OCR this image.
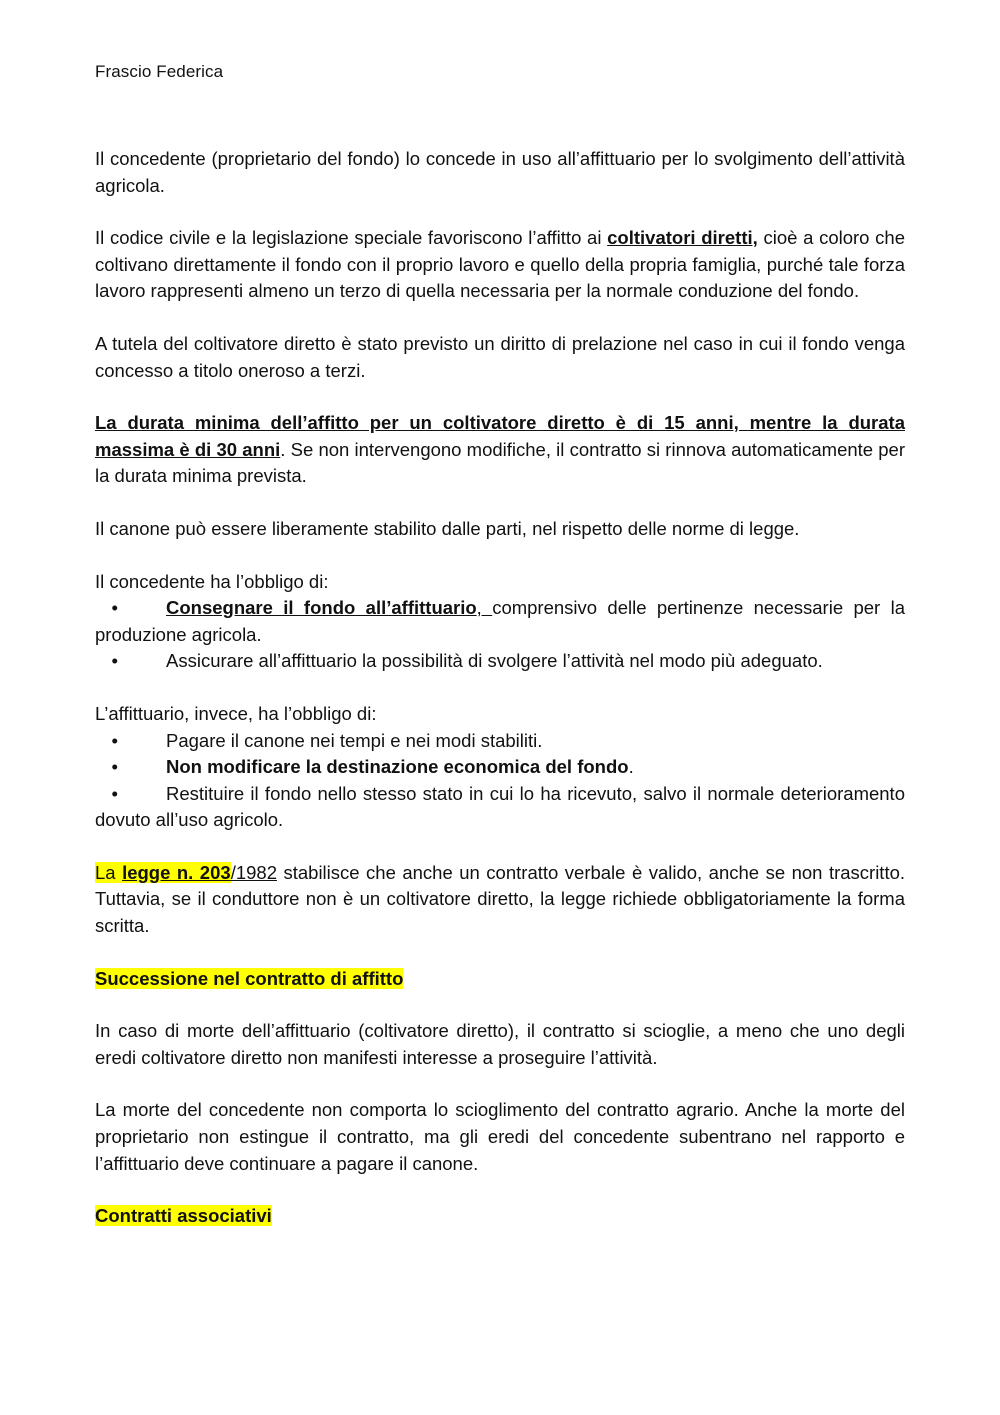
Frascio Federica

Il concedente (proprietario del fondo) lo concede in uso all’affittuario per lo svolgimento dell’attività agricola.

Il codice civile e la legislazione speciale favoriscono l’affitto ai coltivatori diretti, cioè a coloro che coltivano direttamente il fondo con il proprio lavoro e quello della propria famiglia, purché tale forza lavoro rappresenti almeno un terzo di quella necessaria per la normale conduzione del fondo.

A tutela del coltivatore diretto è stato previsto un diritto di prelazione nel caso in cui il fondo venga concesso a titolo oneroso a terzi.

La durata minima dell’affitto per un coltivatore diretto è di 15 anni, mentre la durata massima è di 30 anni. Se non intervengono modifiche, il contratto si rinnova automaticamente per la durata minima prevista.

Il canone può essere liberamente stabilito dalle parti, nel rispetto delle norme di legge.

Il concedente ha l’obbligo di:

•	Consegnare il fondo all’affittuario, comprensivo delle pertinenze necessarie per la produzione agricola.

•	Assicurare all’affittuario la possibilità di svolgere l’attività nel modo più adeguato.

L’affittuario, invece, ha l’obbligo di:

•	Pagare il canone nei tempi e nei modi stabiliti.

•	Non modificare la destinazione economica del fondo.

•	Restituire il fondo nello stesso stato in cui lo ha ricevuto, salvo il normale deterioramento dovuto all’uso agricolo.

La legge n. 203/1982 stabilisce che anche un contratto verbale è valido, anche se non trascritto. Tuttavia, se il conduttore non è un coltivatore diretto, la legge richiede obbligatoriamente la forma scritta.

Successione nel contratto di affitto

In caso di morte dell’affittuario (coltivatore diretto), il contratto si scioglie, a meno che uno degli eredi coltivatore diretto non manifesti interesse a proseguire l’attività.

La morte del concedente non comporta lo scioglimento del contratto agrario. Anche la morte del proprietario non estingue il contratto, ma gli eredi del concedente subentrano nel rapporto e l’affittuario deve continuare a pagare il canone.

Contratti associativi
